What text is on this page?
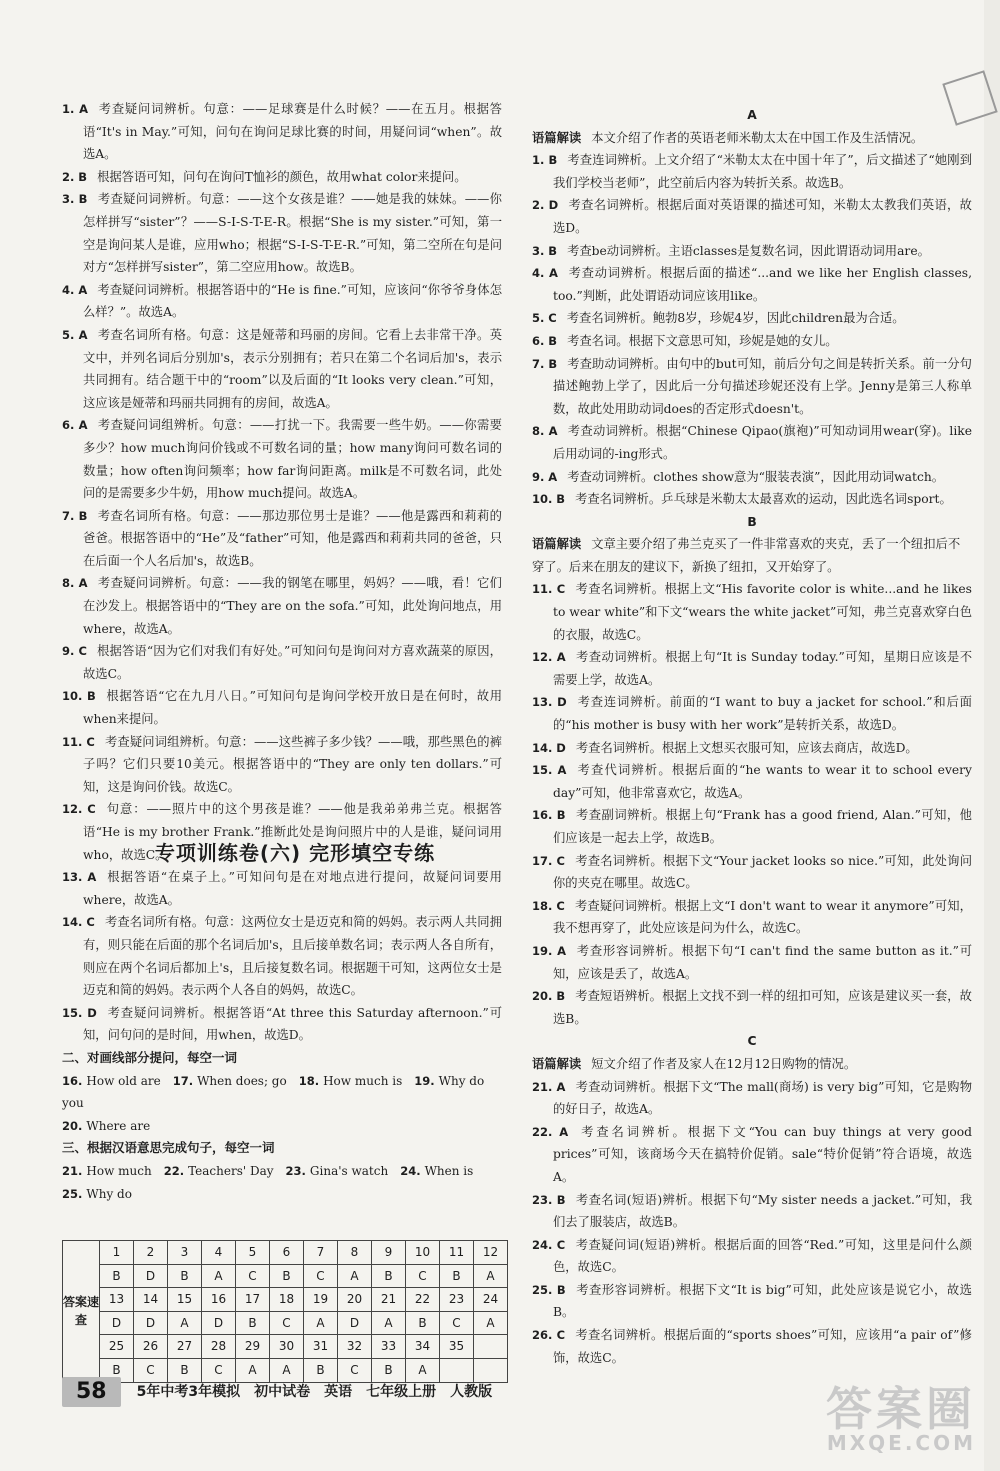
1. A 考查疑问词辨析。句意：——足球赛是什么时候？——在五月。根据答语“It's in May.”可知，问句在询问足球比赛的时间，用疑问词“when”。故选A。

2. B 根据答语可知，问句在询问T恤衫的颜色，故用what color来提问。

3. B 考查疑问词辨析。句意：——这个女孩是谁？——她是我的妹妹。——你怎样拼写“sister”？——S-I-S-T-E-R。根据“She is my sister.”可知，第一空是询问某人是谁，应用who；根据“S-I-S-T-E-R.”可知，第二空所在句是问对方“怎样拼写sister”，第二空应用how。故选B。

4. A 考查疑问词辨析。根据答语中的“He is fine.”可知，应该问“你爷爷身体怎么样？”。故选A。

5. A 考查名词所有格。句意：这是娅蒂和玛丽的房间。它看上去非常干净。英文中，并列名词后分别加's，表示分别拥有；若只在第二个名词后加's，表示共同拥有。结合题干中的“room”以及后面的“It looks very clean.”可知，这应该是娅蒂和玛丽共同拥有的房间，故选A。

6. A 考查疑问词组辨析。句意：——打扰一下。我需要一些牛奶。——你需要多少？how much询问价钱或不可数名词的量；how many询问可数名词的数量；how often询问频率；how far询问距离。milk是不可数名词，此处问的是需要多少牛奶，用how much提问。故选A。

7. B 考查名词所有格。句意：——那边那位男士是谁？——他是露西和莉莉的爸爸。根据答语中的“He”及“father”可知，他是露西和莉莉共同的爸爸，只在后面一个人名后加's，故选B。

8. A 考查疑问词辨析。句意：——我的钢笔在哪里，妈妈？——哦，看！它们在沙发上。根据答语中的“They are on the sofa.”可知，此处询问地点，用where，故选A。

9. C 根据答语“因为它们对我们有好处。”可知问句是询问对方喜欢蔬菜的原因，故选C。

10. B 根据答语“它在九月八日。”可知问句是询问学校开放日是在何时，故用when来提问。

11. C 考查疑问词组辨析。句意：——这些裤子多少钱？——哦，那些黑色的裤子吗？它们只要10美元。根据答语中的“They are only ten dollars.”可知，这是询问价钱。故选C。

12. C 句意：——照片中的这个男孩是谁？——他是我弟弟弗兰克。根据答语“He is my brother Frank.”推断此处是询问照片中的人是谁，疑问词用who，故选C。

13. A 根据答语“在桌子上。”可知问句是在对地点进行提问，故疑问词要用where，故选A。

14. C 考查名词所有格。句意：这两位女士是迈克和简的妈妈。表示两人共同拥有，则只能在后面的那个名词后加's，且后接单数名词；表示两人各自所有，则应在两个名词后都加上's，且后接复数名词。根据题干可知，这两位女士是迈克和简的妈妈。表示两个人各自的妈妈，故选C。

15. D 考查疑问词辨析。根据答语“At three this Saturday afternoon.”可知，问句问的是时间，用when，故选D。

二、对画线部分提问，每空一词

16. How old are 17. When does; go 18. How much is 19. Why do you

20. Where are

三、根据汉语意思完成句子，每空一词

21. How much 22. Teachers' Day 23. Gina's watch 24. When is

25. Why do

专项训练卷(六) 完形填空专练
答案速查	1	2	3	4	5	6	7	8	9	10	11	12
	B	D	B	A	C	B	C	A	B	C	B	A
	13	14	15	16	17	18	19	20	21	22	23	24
	D	D	A	D	B	C	A	D	A	B	C	A
	25	26	27	28	29	30	31	32	33	34	35	
	B	C	B	C	A	A	B	C	B	A		
58	5年中考3年模拟 初中试卷 英语 七年级上册 人教版

A

语篇解读 本文介绍了作者的英语老师米勒太太在中国工作及生活情况。

1. B 考查连词辨析。上文介绍了“米勒太太在中国十年了”，后文描述了“她刚到我们学校当老师”，此空前后内容为转折关系。故选B。

2. D 考查名词辨析。根据后面对英语课的描述可知，米勒太太教我们英语，故选D。

3. B 考查be动词辨析。主语classes是复数名词，因此谓语动词用are。

4. A 考查动词辨析。根据后面的描述“...and we like her English classes, too.”判断，此处谓语动词应该用like。

5. C 考查名词辨析。鲍勃8岁，珍妮4岁，因此children最为合适。

6. B 考查名词。根据下文意思可知，珍妮是她的女儿。

7. B 考查助动词辨析。由句中的but可知，前后分句之间是转折关系。前一分句描述鲍勃上学了，因此后一分句描述珍妮还没有上学。Jenny是第三人称单数，故此处用助动词does的否定形式doesn't。

8. A 考查动词辨析。根据“Chinese Qipao(旗袍)”可知动词用wear(穿)。like后用动词的-ing形式。

9. A 考查动词辨析。clothes show意为“服装表演”，因此用动词watch。

10. B 考查名词辨析。乒乓球是米勒太太最喜欢的运动，因此选名词sport。

B

语篇解读 文章主要介绍了弗兰克买了一件非常喜欢的夹克，丢了一个纽扣后不穿了。后来在朋友的建议下，新换了纽扣，又开始穿了。

11. C 考查名词辨析。根据上文“His favorite color is white...and he likes to wear white”和下文“wears the white jacket”可知，弗兰克喜欢穿白色的衣服，故选C。

12. A 考查动词辨析。根据上句“It is Sunday today.”可知，星期日应该是不需要上学，故选A。

13. D 考查连词辨析。前面的“I want to buy a jacket for school.”和后面的“his mother is busy with her work”是转折关系，故选D。

14. D 考查名词辨析。根据上文想买衣服可知，应该去商店，故选D。

15. A 考查代词辨析。根据后面的“he wants to wear it to school every day”可知，他非常喜欢它，故选A。

16. B 考查副词辨析。根据上句“Frank has a good friend, Alan.”可知，他们应该是一起去上学，故选B。

17. C 考查名词辨析。根据下文“Your jacket looks so nice.”可知，此处询问你的夹克在哪里。故选C。

18. C 考查疑问词辨析。根据上文“I don't want to wear it anymore”可知，我不想再穿了，此处应该是问为什么，故选C。

19. A 考查形容词辨析。根据下句“I can't find the same button as it.”可知，应该是丢了，故选A。

20. B 考查短语辨析。根据上文找不到一样的纽扣可知，应该是建议买一套，故选B。

C

语篇解读 短文介绍了作者及家人在12月12日购物的情况。

21. A 考查动词辨析。根据下文“The mall(商场) is very big”可知，它是购物的好日子，故选A。

22. A 考查名词辨析。根据下文“You can buy things at very good prices”可知，该商场今天在搞特价促销。sale“特价促销”符合语境，故选A。

23. B 考查名词(短语)辨析。根据下句“My sister needs a jacket.”可知，我们去了服装店，故选B。

24. C 考查疑问词(短语)辨析。根据后面的回答“Red.”可知，这里是问什么颜色，故选C。

25. B 考查形容词辨析。根据下文“It is big”可知，此处应该是说它小，故选B。

26. C 考查名词辨析。根据后面的“sports shoes”可知，应该用“a pair of”修饰，故选C。

答案圈
MXQE.COM
